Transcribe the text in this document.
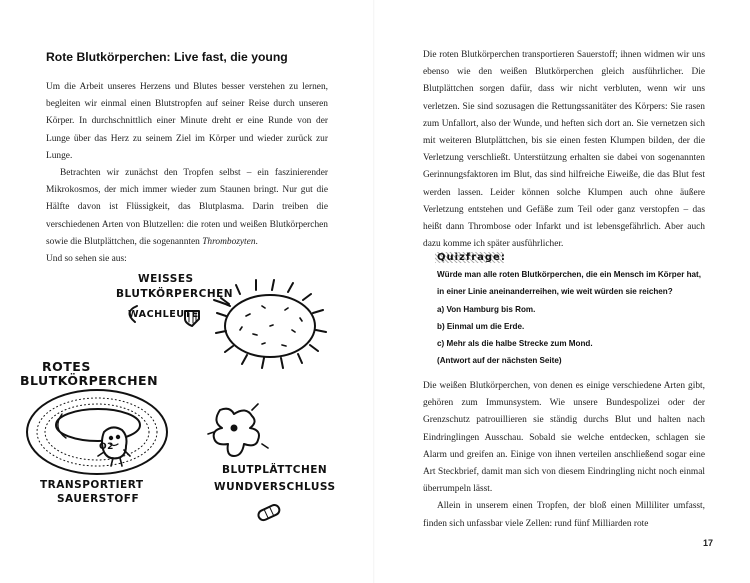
Rote Blutkörperchen: Live fast, die young

Um die Arbeit unseres Herzens und Blutes besser verstehen zu lernen, begleiten wir einmal einen Blutstropfen auf seiner Reise durch unseren Körper. In durchschnittlich einer Minute dreht er eine Runde von der Lunge über das Herz zu seinem Ziel im Körper und wieder zurück zur Lunge.

Betrachten wir zunächst den Tropfen selbst – ein faszinierender Mikrokosmos, der mich immer wieder zum Staunen bringt. Nur gut die Hälfte davon ist Flüssigkeit, das Blutplasma. Darin treiben die verschiedenen Arten von Blutzellen: die roten und weißen Blutkörperchen sowie die Blutplättchen, die sogenannten Thrombozyten.

Und so sehen sie aus:

WEISSES
BLUTKÖRPERCHEN
WACHLEUTE
ROTES
BLUTKÖRPERCHEN
O2
TRANSPORTIERT
SAUERSTOFF
BLUTPLÄTTCHEN
WUNDVERSCHLUSS

Die roten Blutkörperchen transportieren Sauerstoff; ihnen widmen wir uns ebenso wie den weißen Blutkörperchen gleich ausführlicher. Die Blutplättchen sorgen dafür, dass wir nicht verbluten, wenn wir uns verletzen. Sie sind sozusagen die Rettungssanitäter des Körpers: Sie rasen zum Unfallort, also der Wunde, und heften sich dort an. Sie vernetzen sich mit weiteren Blutplättchen, bis sie einen festen Klumpen bilden, der die Verletzung verschließt. Unterstützung erhalten sie dabei von sogenannten Gerinnungsfaktoren im Blut, das sind hilfreiche Eiweiße, die das Blut fest werden lassen. Leider können solche Klumpen auch ohne äußere Verletzung entstehen und Gefäße zum Teil oder ganz verstopfen – das heißt dann Thrombose oder Infarkt und ist lebensgefährlich. Aber auch dazu komme ich später ausführlicher.

Quizfrage:
Würde man alle roten Blutkörperchen, die ein Mensch im Körper hat, in einer Linie aneinanderreihen, wie weit würden sie reichen?
a) Von Hamburg bis Rom.
b) Einmal um die Erde.
c) Mehr als die halbe Strecke zum Mond.
(Antwort auf der nächsten Seite)

Die weißen Blutkörperchen, von denen es einige verschiedene Arten gibt, gehören zum Immunsystem. Wie unsere Bundespolizei oder der Grenzschutz patrouillieren sie ständig durchs Blut und halten nach Eindringlingen Ausschau. Sobald sie welche entdecken, schlagen sie Alarm und greifen an. Einige von ihnen verteilen anschließend sogar eine Art Steckbrief, damit man sich von diesem Eindringling nicht noch einmal überrumpeln lässt.

Allein in unserem einen Tropfen, der bloß einen Milliliter umfasst, finden sich unfassbar viele Zellen: rund fünf Milliarden rote

17
